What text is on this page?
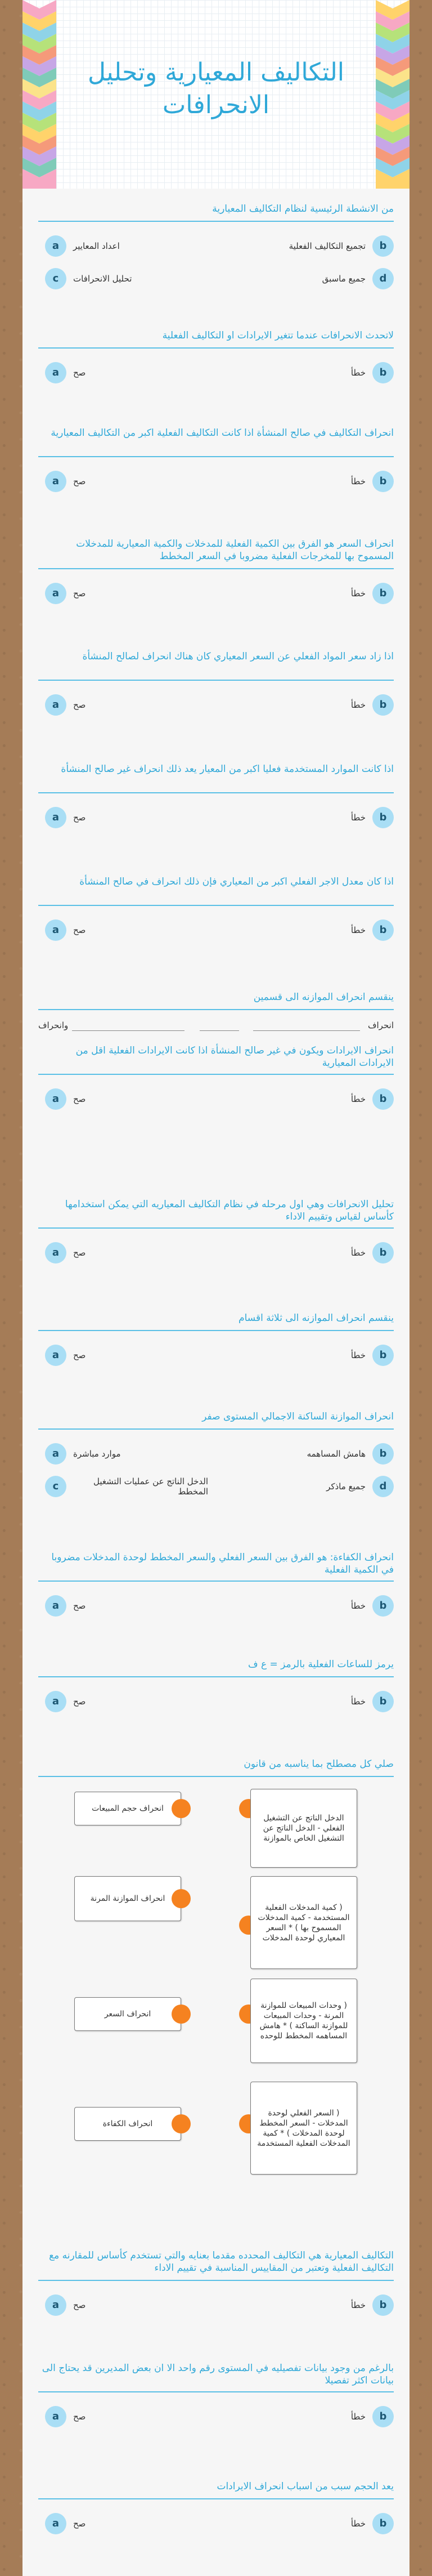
التكاليف المعيارية وتحليل
الانحرافات
من الانشطة الرئيسية لنظام التكاليف المعيارية
b
تجميع التكاليف الفعلية
a	اعداد المعايير
d
جميع ماسبق
c	تحليل الانحرافات
لاتحدث الانحرافات عندما تتغير الايرادات او التكاليف الفعلية
b
خطأ
a	صح
انحراف التكاليف في صالح المنشأة اذا كانت التكاليف الفعلية اكبر من التكاليف المعيارية
b
خطأ
a	صح
انحراف السعر هو الفرق بين الكمية الفعلية للمدخلات والكمية المعيارية للمدخلات المسموح بها للمخرجات الفعلية مضروبا في السعر المخطط
b
خطأ
a	صح
اذا زاد سعر المواد الفعلي عن السعر المعياري كان هناك انحراف لصالح المنشأة
b
خطأ
a	صح
اذا كانت الموارد المستخدمة فعليا اكبر من المعيار يعد ذلك انحراف غير صالح المنشأة
b
خطأ
a	صح
اذا كان معدل الاجر الفعلي اكبر من المعياري فإن ذلك انحراف في صالح المنشأة
b
خطأ
a	صح
ينقسم انحراف الموازنه الى قسمين
انحراف
وانحراف
انحراف الايرادات ويكون في غير صالح المنشأة اذا كانت الايرادات الفعلية اقل من الايرادات المعيارية
b
خطأ
a	صح
تحليل الانحرافات وهي اول مرحله في نظام التكاليف المعياريه التي يمكن استخدامها كأساس لقياس وتقييم الاداء
b
خطأ
a	صح
ينقسم انحراف الموازنه الى ثلاثة اقسام
b
خطأ
a	صح
انحراف الموازنة الساكنة الاجمالي المستوى صفر
b
هامش المساهمه
a	موارد مباشرة
d
جميع ماذكر
c	الدخل الناتج عن عمليات التشغيل المخطط
انحراف الكفاءة: هو الفرق بين السعر الفعلي والسعر المخطط لوحدة المدخلات مضروبا في الكمية الفعلية
b
خطأ
a	صح
يرمز للساعات الفعلية بالرمز = ع ف
b
خطأ
a	صح
صلي كل مصطلح بما يناسبه من قانون
انحراف حجم المبيعات
الدخل الناتج عن التشغيل الفعلي - الدخل الناتج عن التشغيل الخاص بالموازنة
انحراف الموازنة المرنة
( كمية المدخلات الفعلية المستخدمة - كمية المدخلات المسموح بها ) * السعر المعياري لوحدة المدخلات
انحراف السعر
( وحدات المبيعات للموازنة المرنة - وحدات المبيعات للموازنة الساكنة ) * هامش المساهمه المخطط للوحده
انحراف الكفاءة
( السعر الفعلي لوحدة المدخلات - السعر المخطط لوحدة المدخلات ) * كمية المدخلات الفعلية المستخدمة
التكاليف المعيارية هي التكاليف المحدده مقدما بعنايه والتي تستخدم كأساس للمقارنه مع التكاليف الفعلية وتعتبر من المقاييس المناسبة في تقييم الاداء
b
خطأ
a	صح
بالرغم من وجود بيانات تفصيليه في المستوى رقم واحد الا ان بعض المديرين قد يحتاج الى بيانات اكثر تفصيلا
b
خطأ
a	صح
يعد الحجم سبب من اسباب انحراف الايرادات
b
خطأ
a	صح
